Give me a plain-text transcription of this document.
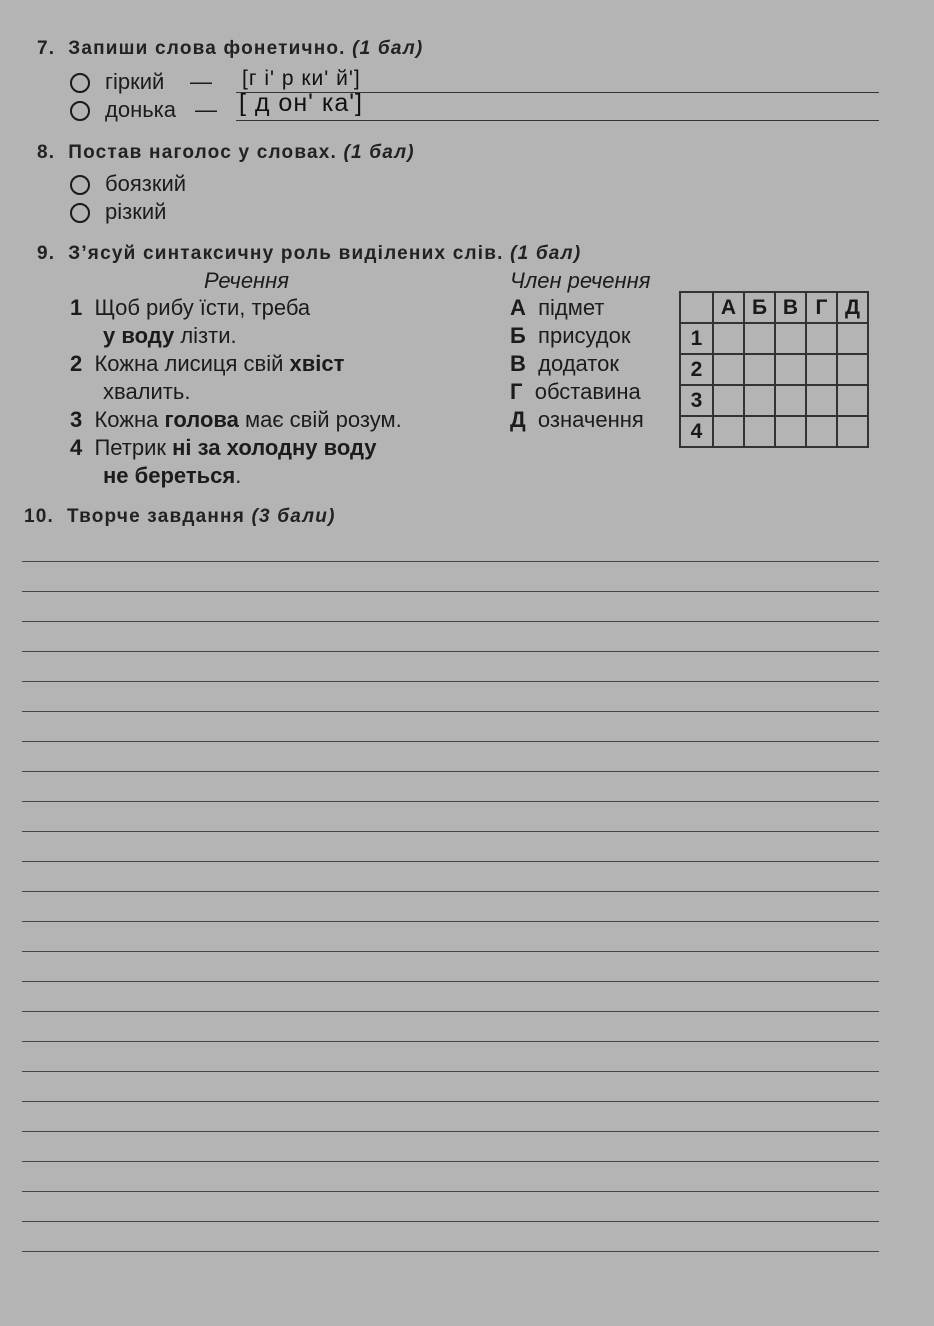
7. Запиши слова фонетично. (1 бал)
гіркий — [г і' р ки' й']
донька — [ д он' ка']
8. Постав наголос у словах. (1 бал)
боязкий
різкий
9. З’ясуй синтаксичну роль виділених слів. (1 бал)
Речення	Член речення
1 Щоб рибу їсти, треба
у воду лізти.
2 Кожна лисиця свій хвіст
хвалить.
3 Кожна голова має свій розум.
4 Петрик ні за холодну воду
не береться.
А підмет
Б присудок
В додаток
Г обставина
Д означення
	А	Б	В	Г	Д
1					
2					
3					
4					
10. Творче завдання (3 бали)
